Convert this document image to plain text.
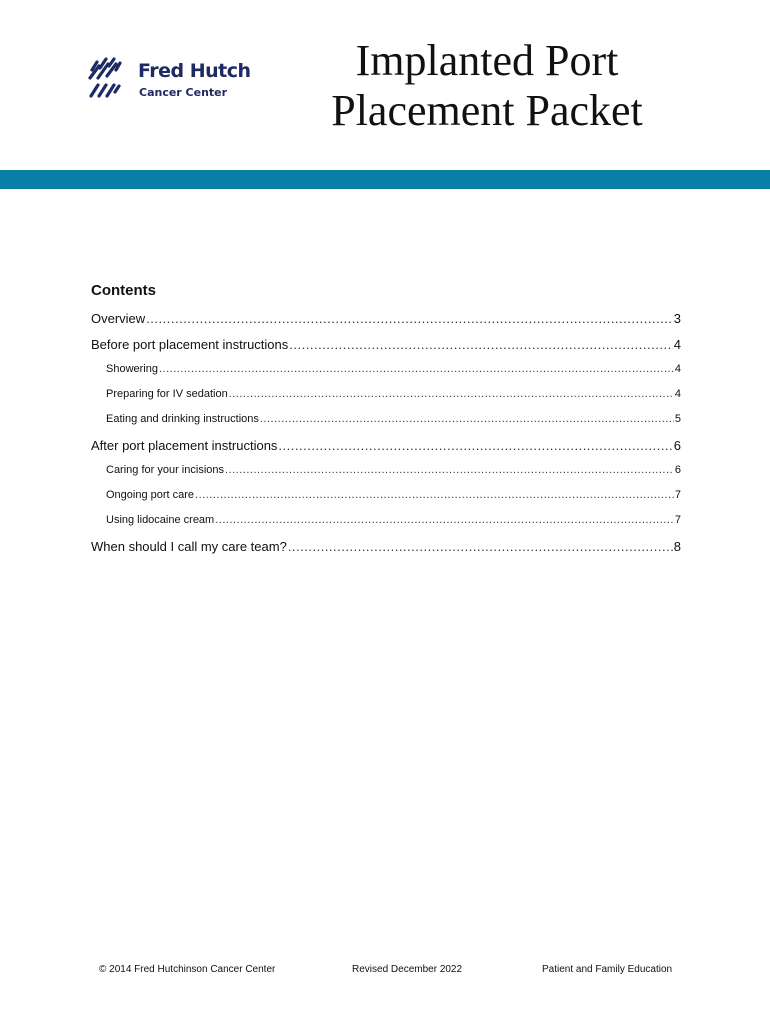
Fred Hutch
Cancer Center
Implanted Port
Placement Packet
Contents
Overview .....	3
Before port placement instructions .....	4
Showering .....	4
Preparing for IV sedation .....	4
Eating and drinking instructions .....	5
After port placement instructions .....	6
Caring for your incisions .....	6
Ongoing port care .....	7
Using lidocaine cream .....	7
When should I call my care team? .....	8
© 2014 Fred Hutchinson Cancer Center	Revised December 2022	Patient and Family Education
